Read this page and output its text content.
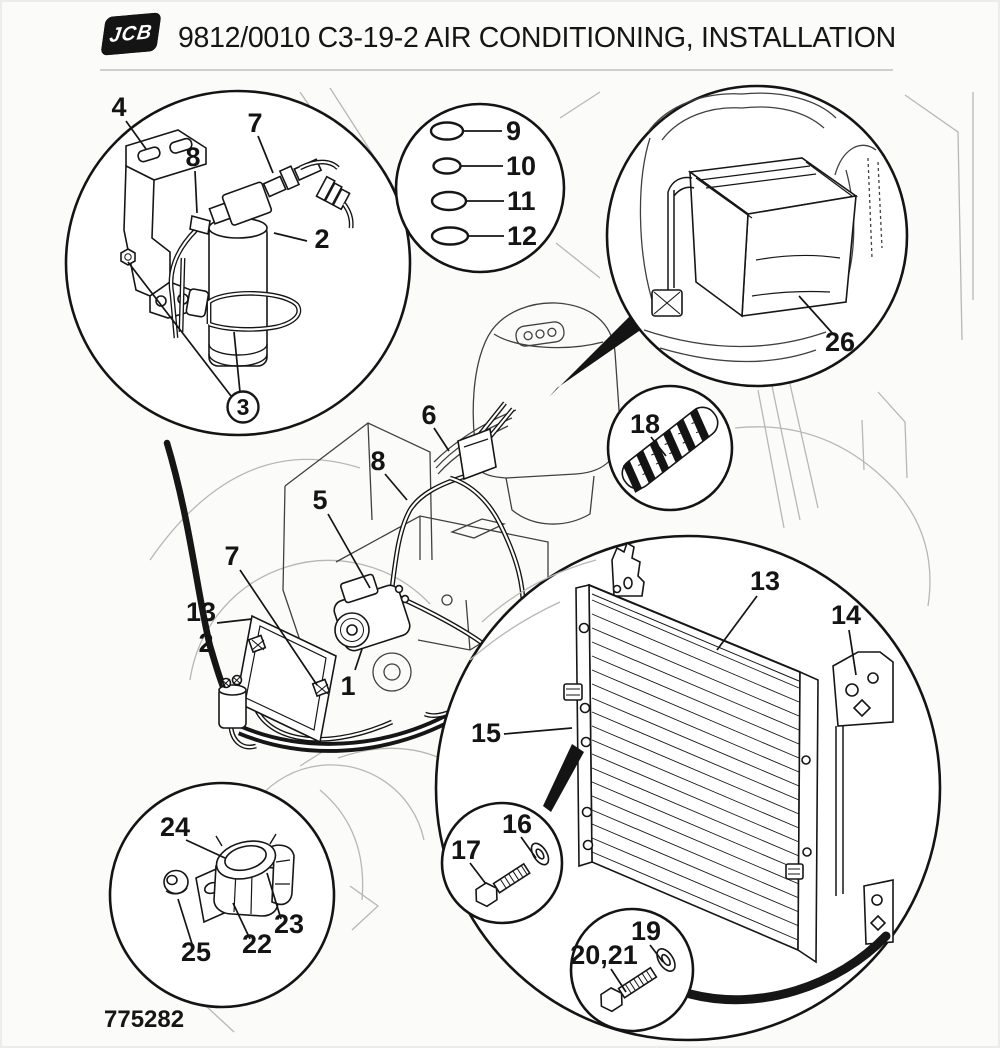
JCB 9812/0010 C3-19-2 AIR CONDITIONING, INSTALLATION
4
7
8
2
3
9
10
11
12
26
18
13
14
15
16
17
19
20,21
24
25 22
23
6
8
5
7
13
2
1
775282
